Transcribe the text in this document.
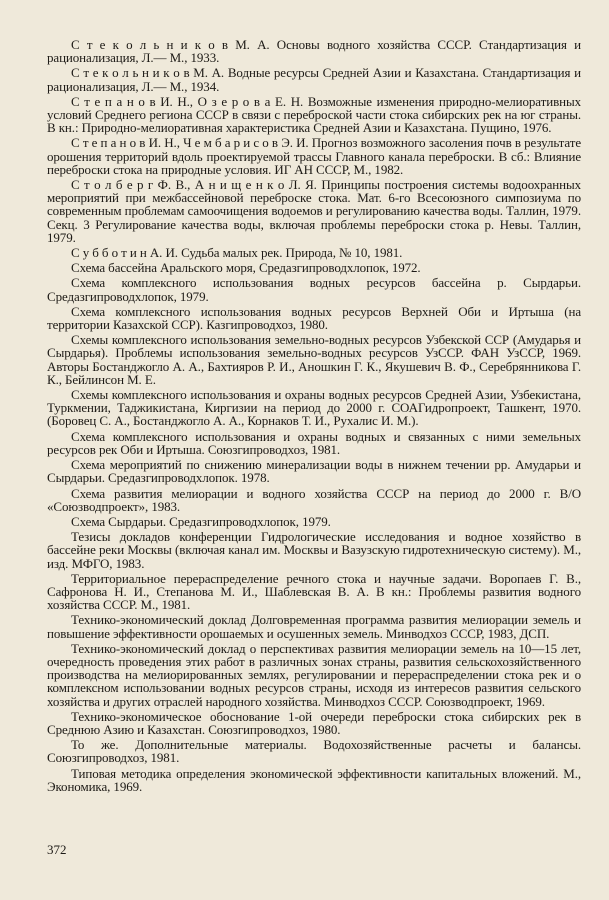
С т е к о л ь н и к о в М. А. Основы водного хозяйства СССР. Стандартизация и рационализация, Л.— М., 1933.

С т е к о л ь н и к о в М. А. Водные ресурсы Средней Азии и Казахстана. Стандартизация и рационализация, Л.— М., 1934.

С т е п а н о в И. Н., О з е р о в а Е. Н. Возможные изменения природно-мелиоративных условий Среднего региона СССР в связи с переброской части стока сибирских рек на юг страны. В кн.: Природно-мелиоративная характеристика Средней Азии и Казахстана. Пущино, 1976.

С т е п а н о в И. Н., Ч е м б а р и с о в Э. И. Прогноз возможного засоления почв в результате орошения территорий вдоль проектируемой трассы Главного канала переброски. В сб.: Влияние переброски стока на природные условия. ИГ АН СССР, М., 1982.

С т о л б е р г Ф. В., А н и щ е н к о Л. Я. Принципы построения системы водоохранных мероприятий при межбассейновой переброске стока. Мат. 6-го Всесоюзного симпозиума по современным проблемам самоочищения водоемов и регулированию качества воды. Таллин, 1979. Секц. 3 Регулирование качества воды, включая проблемы переброски стока р. Невы. Таллин, 1979.

С у б б о т и н А. И. Судьба малых рек. Природа, № 10, 1981.

Схема бассейна Аральского моря, Средазгипроводхлопок, 1972.

Схема комплексного использования водных ресурсов бассейна р. Сырдарьи. Средазгипроводхлопок, 1979.

Схема комплексного использования водных ресурсов Верхней Оби и Иртыша (на территории Казахской ССР). Казгипроводхоз, 1980.

Схемы комплексного использования земельно-водных ресурсов Узбекской ССР (Амударья и Сырдарья). Проблемы использования земельно-водных ресурсов УзССР. ФАН УзССР, 1969. Авторы Бостанджогло А. А., Бахтияров Р. И., Аношкин Г. К., Якушевич В. Ф., Серебрянникова Г. К., Бейлинсон М. Е.

Схемы комплексного использования и охраны водных ресурсов Средней Азии, Узбекистана, Туркмении, Таджикистана, Киргизии на период до 2000 г. СОАГидропроект, Ташкент, 1970. (Боровец С. А., Бостанджогло А. А., Корнаков Т. И., Рухалис И. М.).

Схема комплексного использования и охраны водных и связанных с ними земельных ресурсов рек Оби и Иртыша. Союзгипроводхоз, 1981.

Схема мероприятий по снижению минерализации воды в нижнем течении рр. Амударьи и Сырдарьи. Средазгипроводхлопок. 1978.

Схема развития мелиорации и водного хозяйства СССР на период до 2000 г. В/О «Союзводпроект», 1983.

Схема Сырдарьи. Средазгипроводхлопок, 1979.

Тезисы докладов конференции Гидрологические исследования и водное хозяйство в бассейне реки Москвы (включая канал им. Москвы и Вазузскую гидротехническую систему). М., изд. МФГО, 1983.

Территориальное перераспределение речного стока и научные задачи. Воропаев Г. В., Сафронова Н. И., Степанова М. И., Шаблевская В. А. В кн.: Проблемы развития водного хозяйства СССР. М., 1981.

Технико-экономический доклад Долговременная программа развития мелиорации земель и повышение эффективности орошаемых и осушенных земель. Минводхоз СССР, 1983, ДСП.

Технико-экономический доклад о перспективах развития мелиорации земель на 10—15 лет, очередность проведения этих работ в различных зонах страны, развития сельскохозяйственного производства на мелиорированных землях, регулировании и перераспределении стока рек и о комплексном использовании водных ресурсов страны, исходя из интересов развития сельского хозяйства и других отраслей народного хозяйства. Минводхоз СССР. Союзводпроект, 1969.

Технико-экономическое обоснование 1-ой очереди переброски стока сибирских рек в Среднюю Азию и Казахстан. Союзгипроводхоз, 1980.

То же. Дополнительные материалы. Водохозяйственные расчеты и балансы. Союзгипроводхоз, 1981.

Типовая методика определения экономической эффективности капитальных вложений. М., Экономика, 1969.

372
